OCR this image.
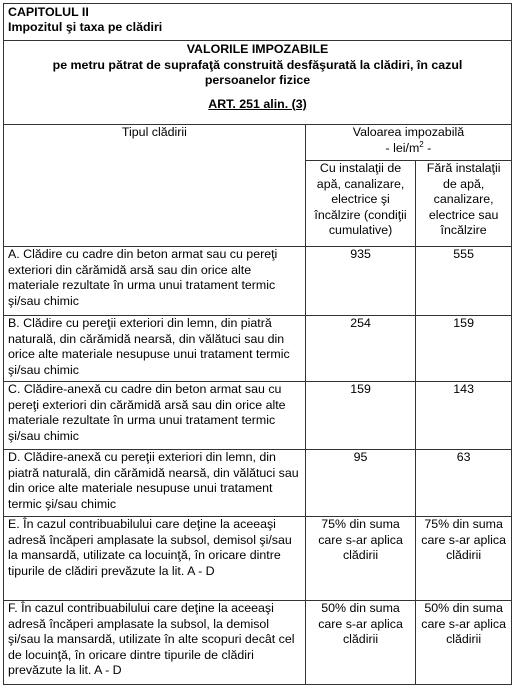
CAPITOLUL II
Impozitul şi taxa pe clădiri		

VALORILE IMPOZABILE
pe metru pătrat de suprafaţă construită desfăşurată la clădiri, în cazul persoanelor fizice
ART. 251 alin. (3)		

Tipul clădirii	Valoarea impozabilă
- lei/$m^2$ -	

	Cu instalaţii de apă, canalizare, electrice şi încălzire (condiţii cumulative)	Fără instalaţii de apă, canalizare, electrice sau încălzire
A. Clădire cu cadre din beton armat sau cu pereţi exteriori din cărămidă arsă sau din orice alte materiale rezultate în urma unui tratament termic şi/sau chimic	935	555
B. Clădire cu pereţii exteriori din lemn, din piatră naturală, din cărămidă nearsă, din vălătuci sau din orice alte materiale nesupuse unui tratament termic şi/sau chimic	254	159
C. Clădire-anexă cu cadre din beton armat sau cu pereţi exteriori din cărămidă arsă sau din orice alte materiale rezultate în urma unui tratament termic şi/sau chimic	159	143
D. Clădire-anexă cu pereţii exteriori din lemn, din piatră naturală, din cărămidă nearsă, din vălătuci sau din orice alte materiale nesupuse unui tratament termic şi/sau chimic	95	63
E. În cazul contribuabilului care deţine la aceeaşi adresă încăperi amplasate la subsol, demisol şi/sau la mansardă, utilizate ca locuinţă, în oricare dintre tipurile de clădiri prevăzute la lit. A - D	75% din suma care s-ar aplica clădirii	75% din suma care s-ar aplica clădirii
F. În cazul contribuabilului care deţine la aceeaşi adresă încăperi amplasate la subsol, la demisol şi/sau la mansardă, utilizate în alte scopuri decât cel de locuinţă, în oricare dintre tipurile de clădiri prevăzute la lit. A - D	50% din suma care s-ar aplica clădirii	50% din suma care s-ar aplica clădirii
